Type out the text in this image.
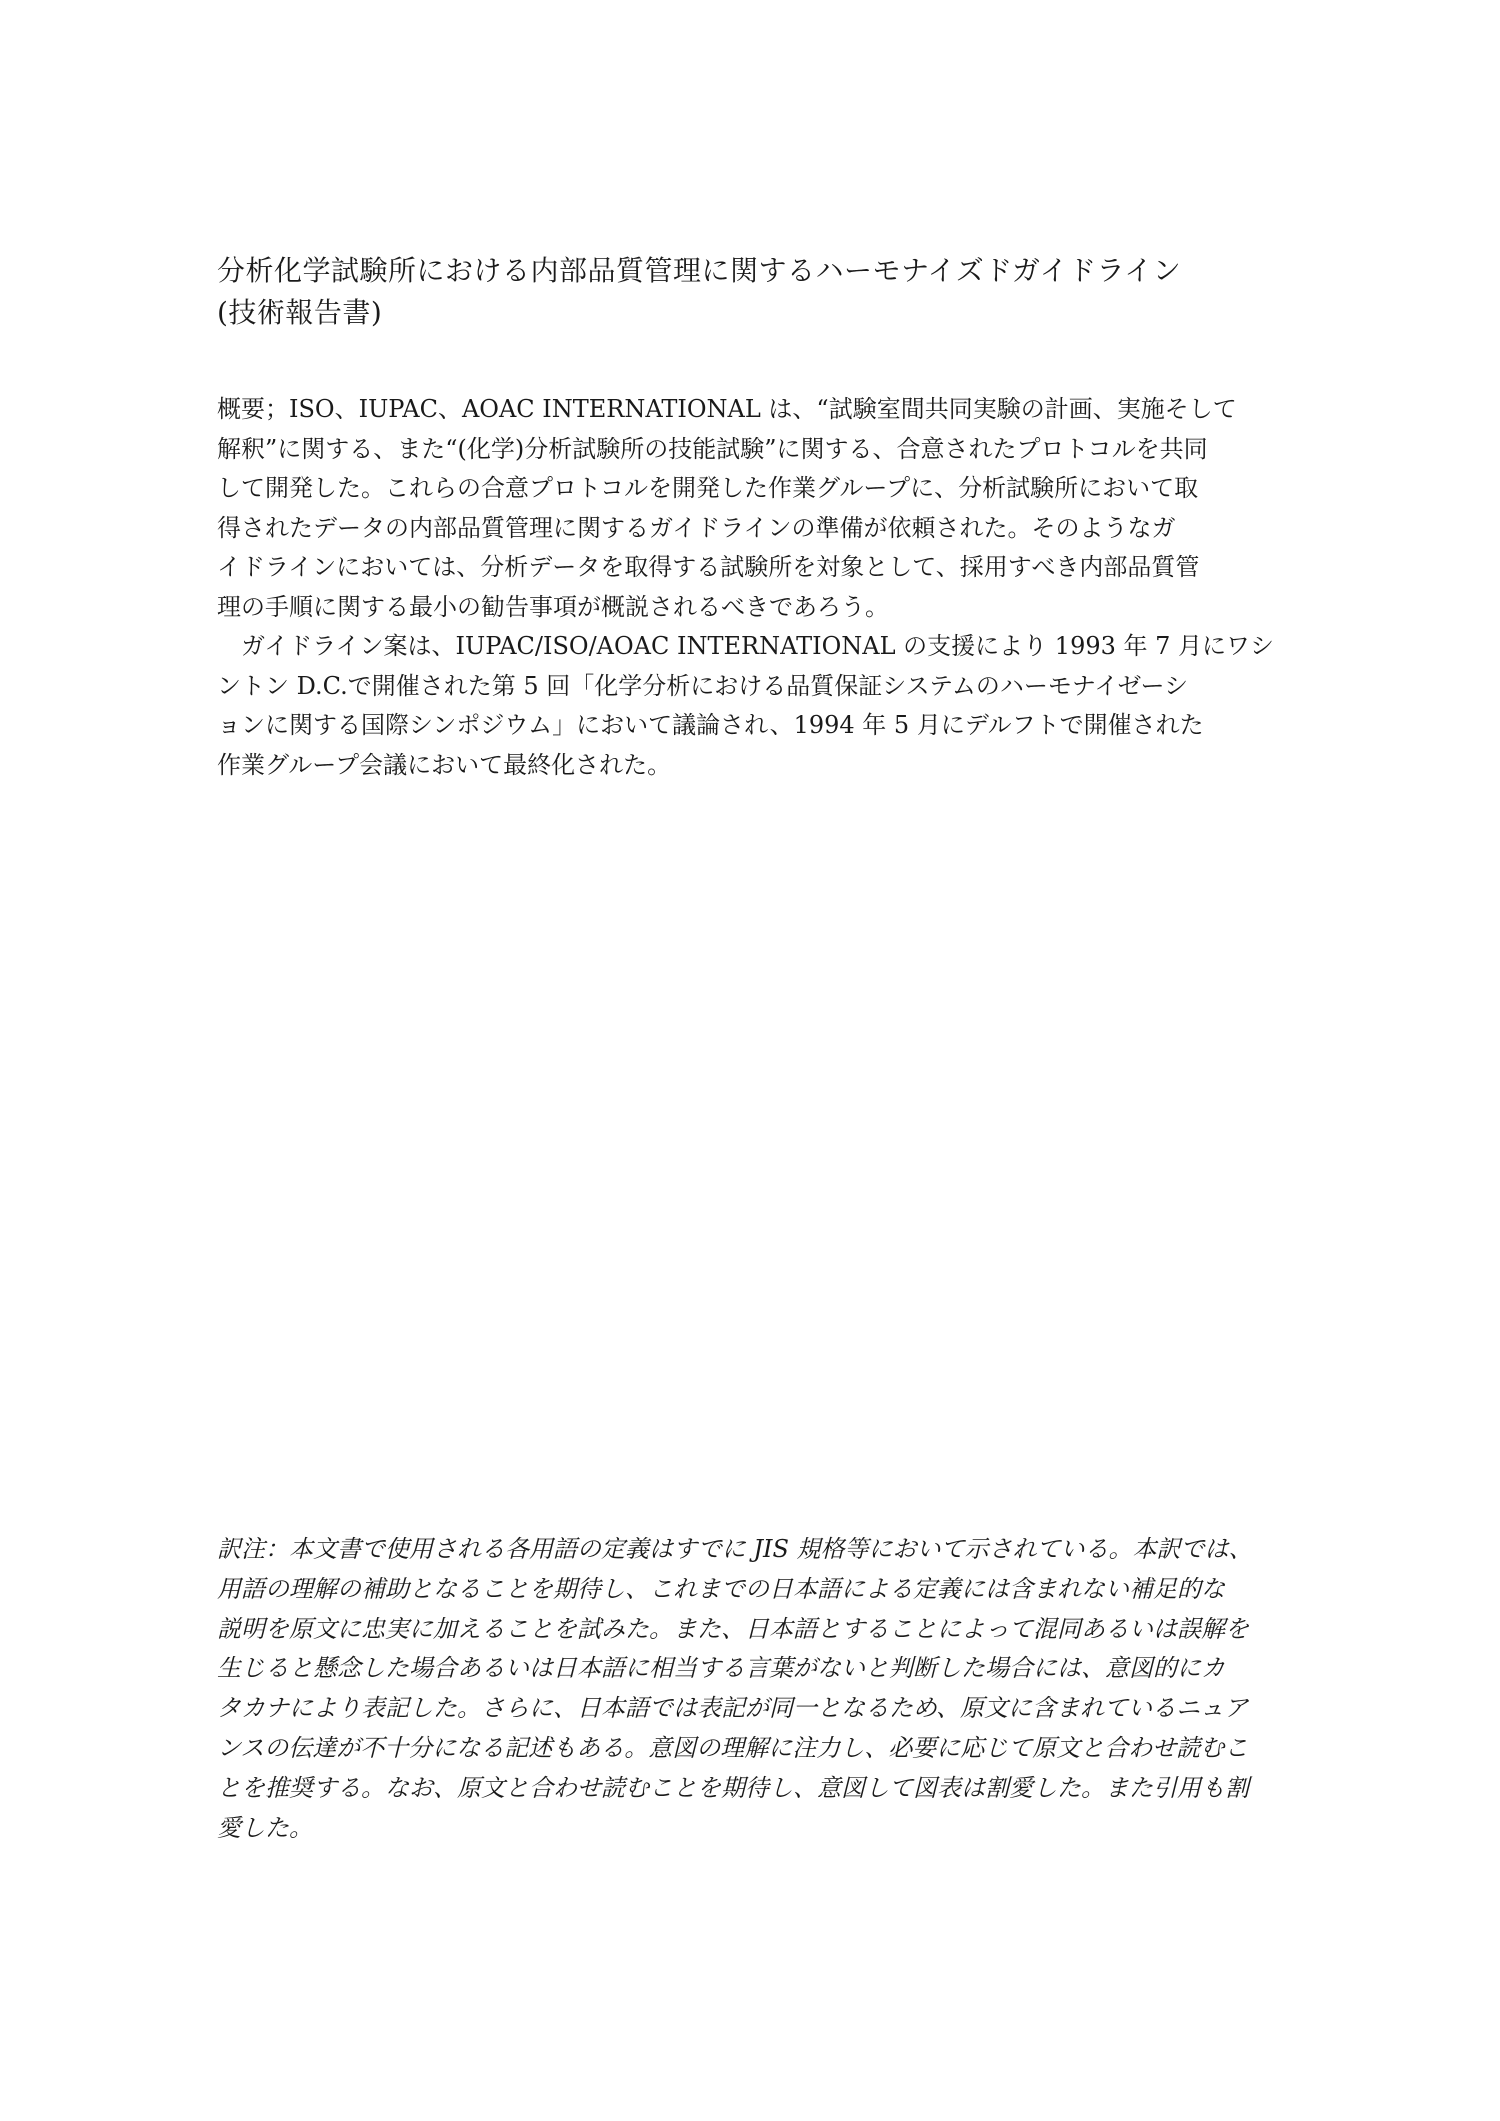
分析化学試験所における内部品質管理に関するハーモナイズドガイドライン
(技術報告書)
概要；ISO、IUPAC、AOAC INTERNATIONAL は、“試験室間共同実験の計画、実施そして
解釈”に関する、また“(化学)分析試験所の技能試験”に関する、合意されたプロトコルを共同
して開発した。これらの合意プロトコルを開発した作業グループに、分析試験所において取
得されたデータの内部品質管理に関するガイドラインの準備が依頼された。そのようなガ
イドラインにおいては、分析データを取得する試験所を対象として、採用すべき内部品質管
理の手順に関する最小の勧告事項が概説されるべきであろう。
ガイドライン案は、IUPAC/ISO/AOAC INTERNATIONAL の支援により 1993 年 7 月にワシ
ントン D.C.で開催された第 5 回「化学分析における品質保証システムのハーモナイゼーシ
ョンに関する国際シンポジウム」において議論され、1994 年 5 月にデルフトで開催された
作業グループ会議において最終化された。
訳注：本文書で使用される各用語の定義はすでに JIS 規格等において示されている。本訳では、
用語の理解の補助となることを期待し、これまでの日本語による定義には含まれない補足的な
説明を原文に忠実に加えることを試みた。また、日本語とすることによって混同あるいは誤解を
生じると懸念した場合あるいは日本語に相当する言葉がないと判断した場合には、意図的にカ
タカナにより表記した。さらに、日本語では表記が同一となるため、原文に含まれているニュア
ンスの伝達が不十分になる記述もある。意図の理解に注力し、必要に応じて原文と合わせ読むこ
とを推奨する。なお、原文と合わせ読むことを期待し、意図して図表は割愛した。また引用も割
愛した。
